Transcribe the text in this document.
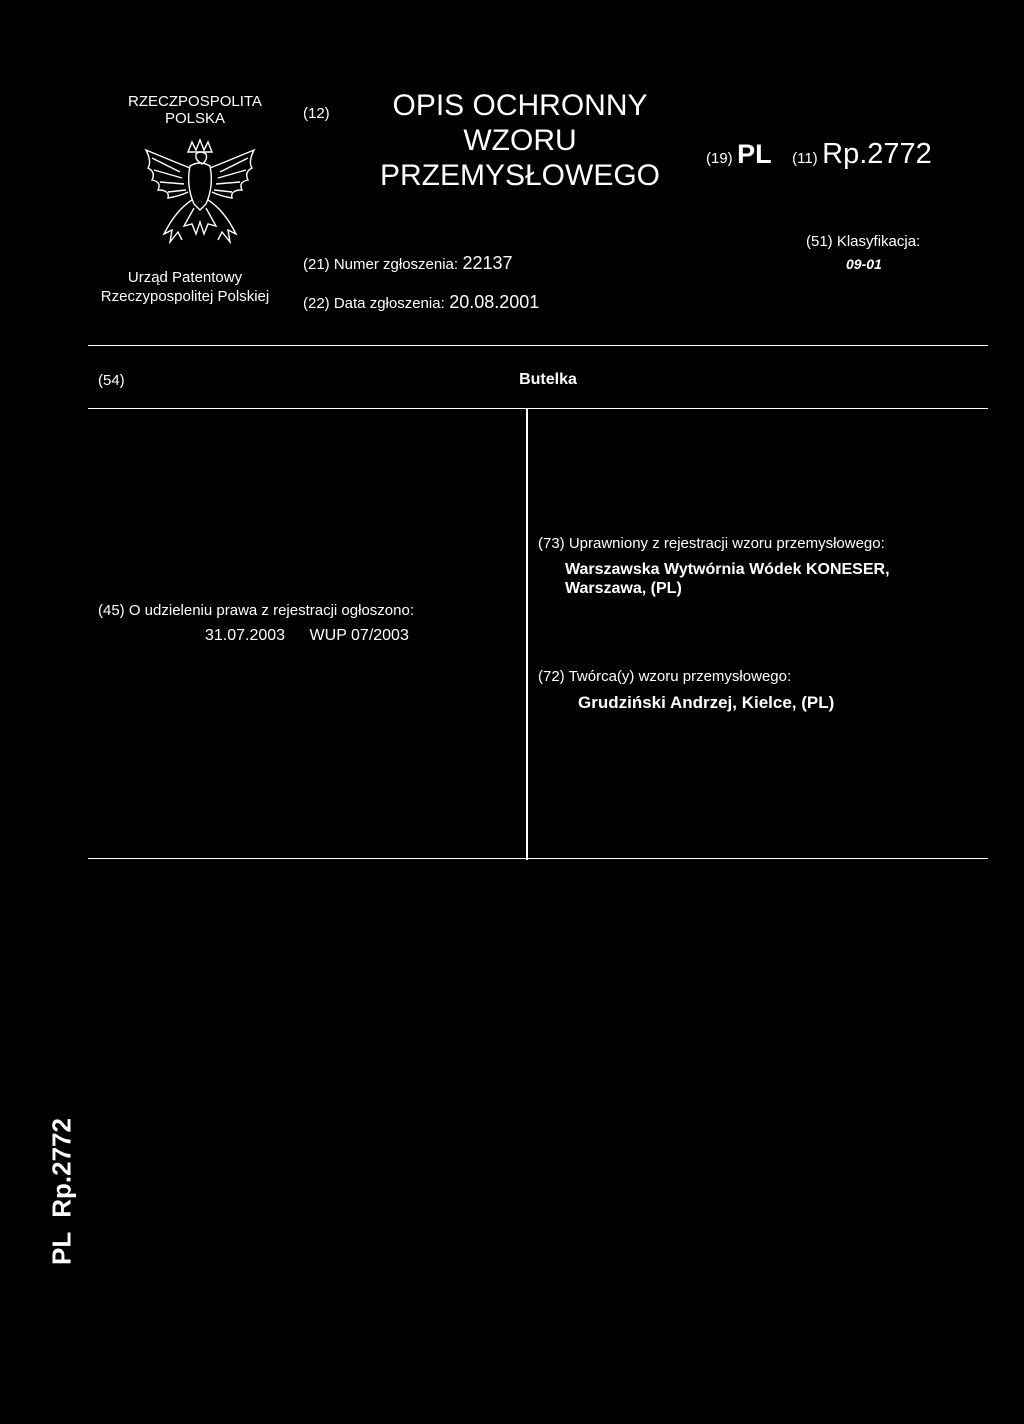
RZECZPOSPOLITA
POLSKA
Urząd Patentowy
Rzeczypospolitej Polskiej
(12)	OPIS OCHRONNY
WZORU
PRZEMYSŁOWEGO
(19) PL (11) Rp.2772
(21) Numer zgłoszenia: 22137
(22) Data zgłoszenia: 20.08.2001
(51) Klasyfikacja:
09-01
(54)	Butelka
(45) O udzieleniu prawa z rejestracji ogłoszono:
31.07.2003 WUP 07/2003
(73) Uprawniony z rejestracji wzoru przemysłowego:
Warszawska Wytwórnia Wódek KONESER,
Warszawa, (PL)
(72) Twórca(y) wzoru przemysłowego:
Grudziński Andrzej, Kielce, (PL)
PL  Rp.2772
